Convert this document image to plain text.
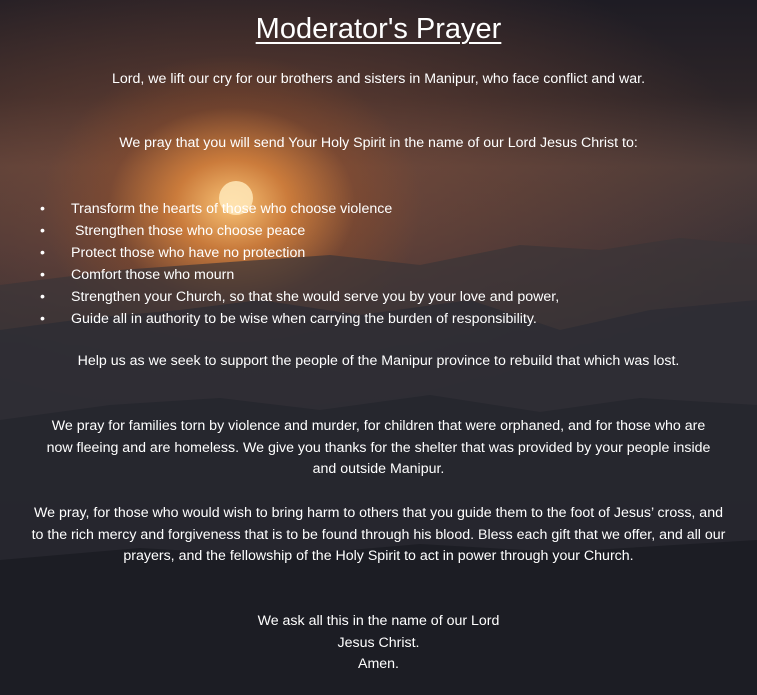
Moderator's Prayer
Lord, we lift our cry for our brothers and sisters in Manipur, who face conflict and war.
We pray that you will send Your Holy Spirit in the name of our Lord Jesus Christ to:
•	Transform the hearts of those who choose violence
•	Strengthen those who choose peace
•	Protect those who have no protection
•	Comfort those who mourn
•	Strengthen your Church, so that she would serve you by your love and power,
•	Guide all in authority to be wise when carrying the burden of responsibility.
Help us as we seek to support the people of the Manipur province to rebuild that which was lost.
We pray for families torn by violence and murder, for children that were orphaned, and for those who are now fleeing and are homeless. We give you thanks for the shelter that was provided by your people inside and outside Manipur.
We pray, for those who would wish to bring harm to others that you guide them to the foot of Jesus’ cross, and to the rich mercy and forgiveness that is to be found through his blood. Bless each gift that we offer, and all our prayers, and the fellowship of the Holy Spirit to act in power through your Church.
We ask all this in the name of our Lord
Jesus Christ.
Amen.
